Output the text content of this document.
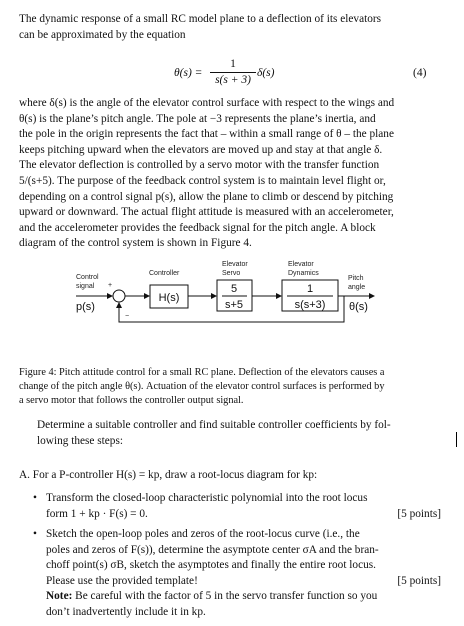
The dynamic response of a small RC model plane to a deflection of its elevators
can be approximated by the equation
$\theta(s) = \frac{1}{s(s + 3)} \delta(s)$	(4)
where δ(s) is the angle of the elevator control surface with respect to the wings and
θ(s) is the plane’s pitch angle. The pole at −3 represents the plane’s inertia, and
the pole in the origin represents the fact that – within a small range of θ – the plane
keeps pitching upward when the elevators are moved up and stay at that angle δ.
The elevator deflection is controlled by a servo motor with the transfer function
5/(s+5). The purpose of the feedback control system is to maintain level flight or,
depending on a control signal p(s), allow the plane to climb or descend by pitching
upward or downward. The actual flight attitude is measured with an accelerometer,
and the accelerometer provides the feedback signal for the pitch angle. A block
diagram of the control system is shown in Figure 4.
Control
signal
p(s)
+
−
Controller
Elevator
Servo
Elevator
Dynamics
Pitch
angle
H(s)
5
s+5
1
s(s+3) θ(s)
Figure 4: Pitch attitude control for a small RC plane. Deflection of the elevators causes a
change of the pitch angle θ(s). Actuation of the elevator control surfaces is performed by
a servo motor that follows the controller output signal.
Determine a suitable controller and find suitable controller coefficients by fol-
lowing these steps:
A. For a P-controller H(s) = kp, draw a root-locus diagram for kp:
• Transform the closed-loop characteristic polynomial into the root locus
form 1 + kp · F(s) = 0.	[5 points]
• Sketch the open-loop poles and zeros of the root-locus curve (i.e., the
poles and zeros of F(s)), determine the asymptote center σA and the bran-
choff point(s) σB, sketch the asymptotes and finally the entire root locus.
Please use the provided template!	[5 points]
Note: Be careful with the factor of 5 in the servo transfer function so you
don’t inadvertently include it in kp.
